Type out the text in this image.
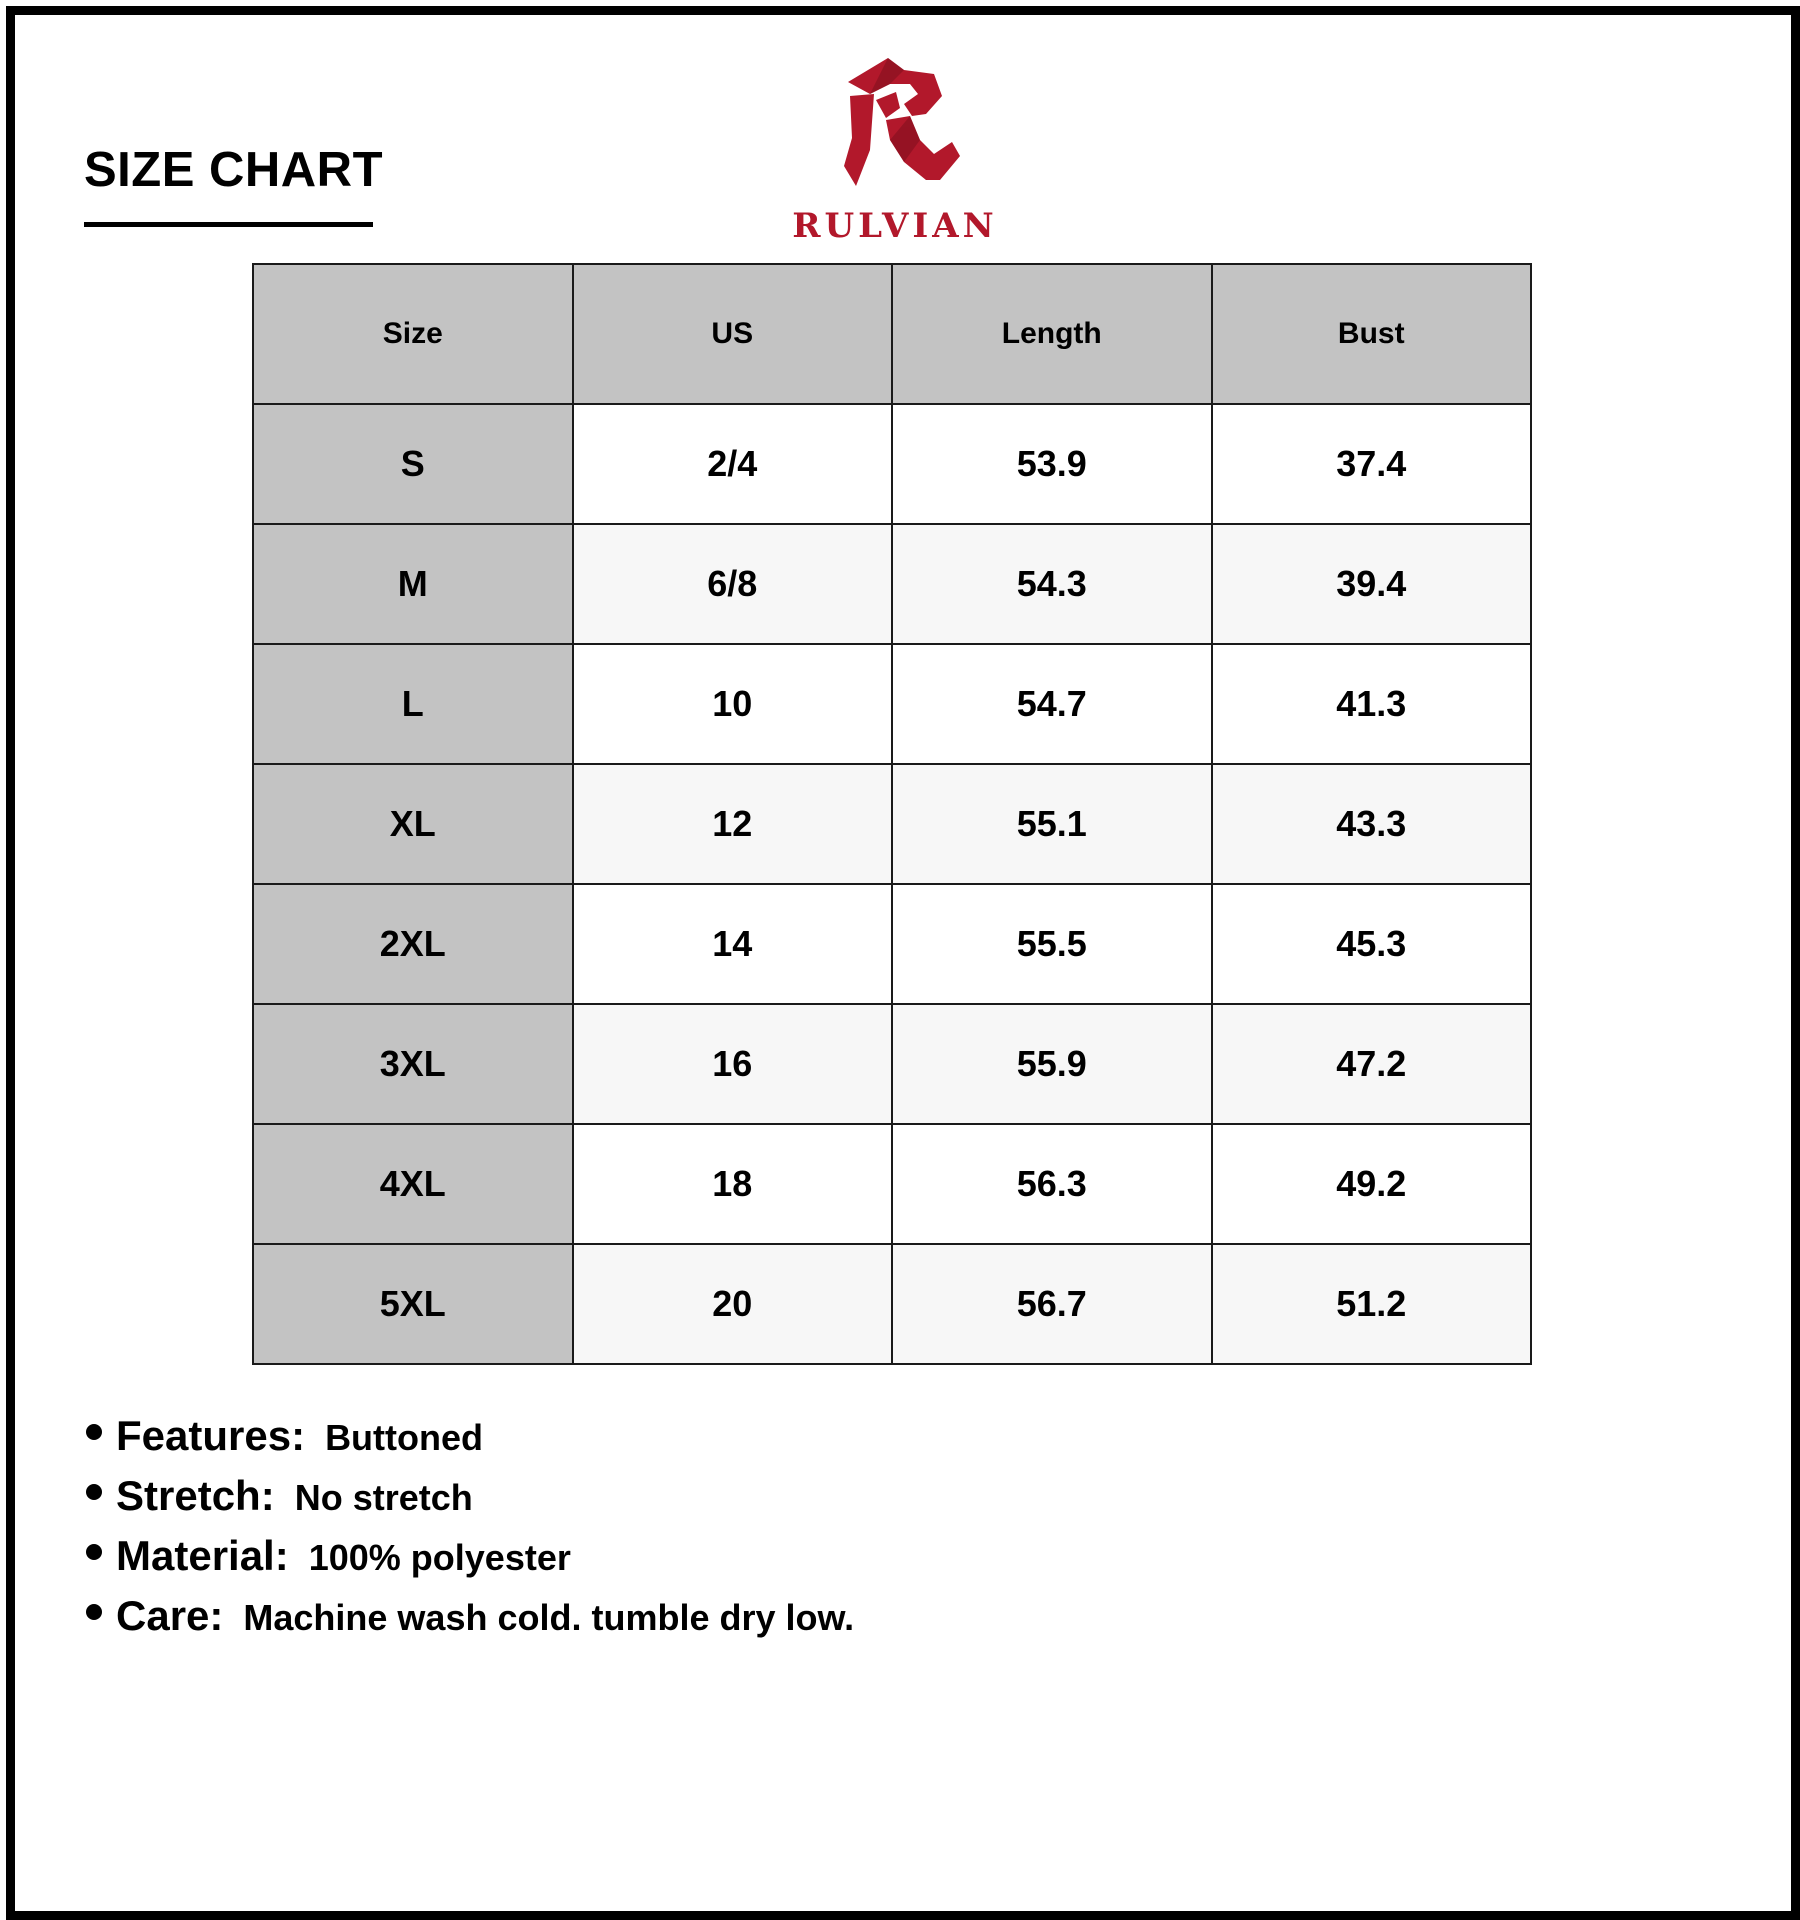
SIZE CHART
RULVIAN
Size	US	Length	Bust
S	2/4	53.9	37.4
M	6/8	54.3	39.4
L	10	54.7	41.3
XL	12	55.1	43.3
2XL	14	55.5	45.3
3XL	16	55.9	47.2
4XL	18	56.3	49.2
5XL	20	56.7	51.2
Features: Buttoned
Stretch: No stretch
Material: 100% polyester
Care: Machine wash cold. tumble dry low.
